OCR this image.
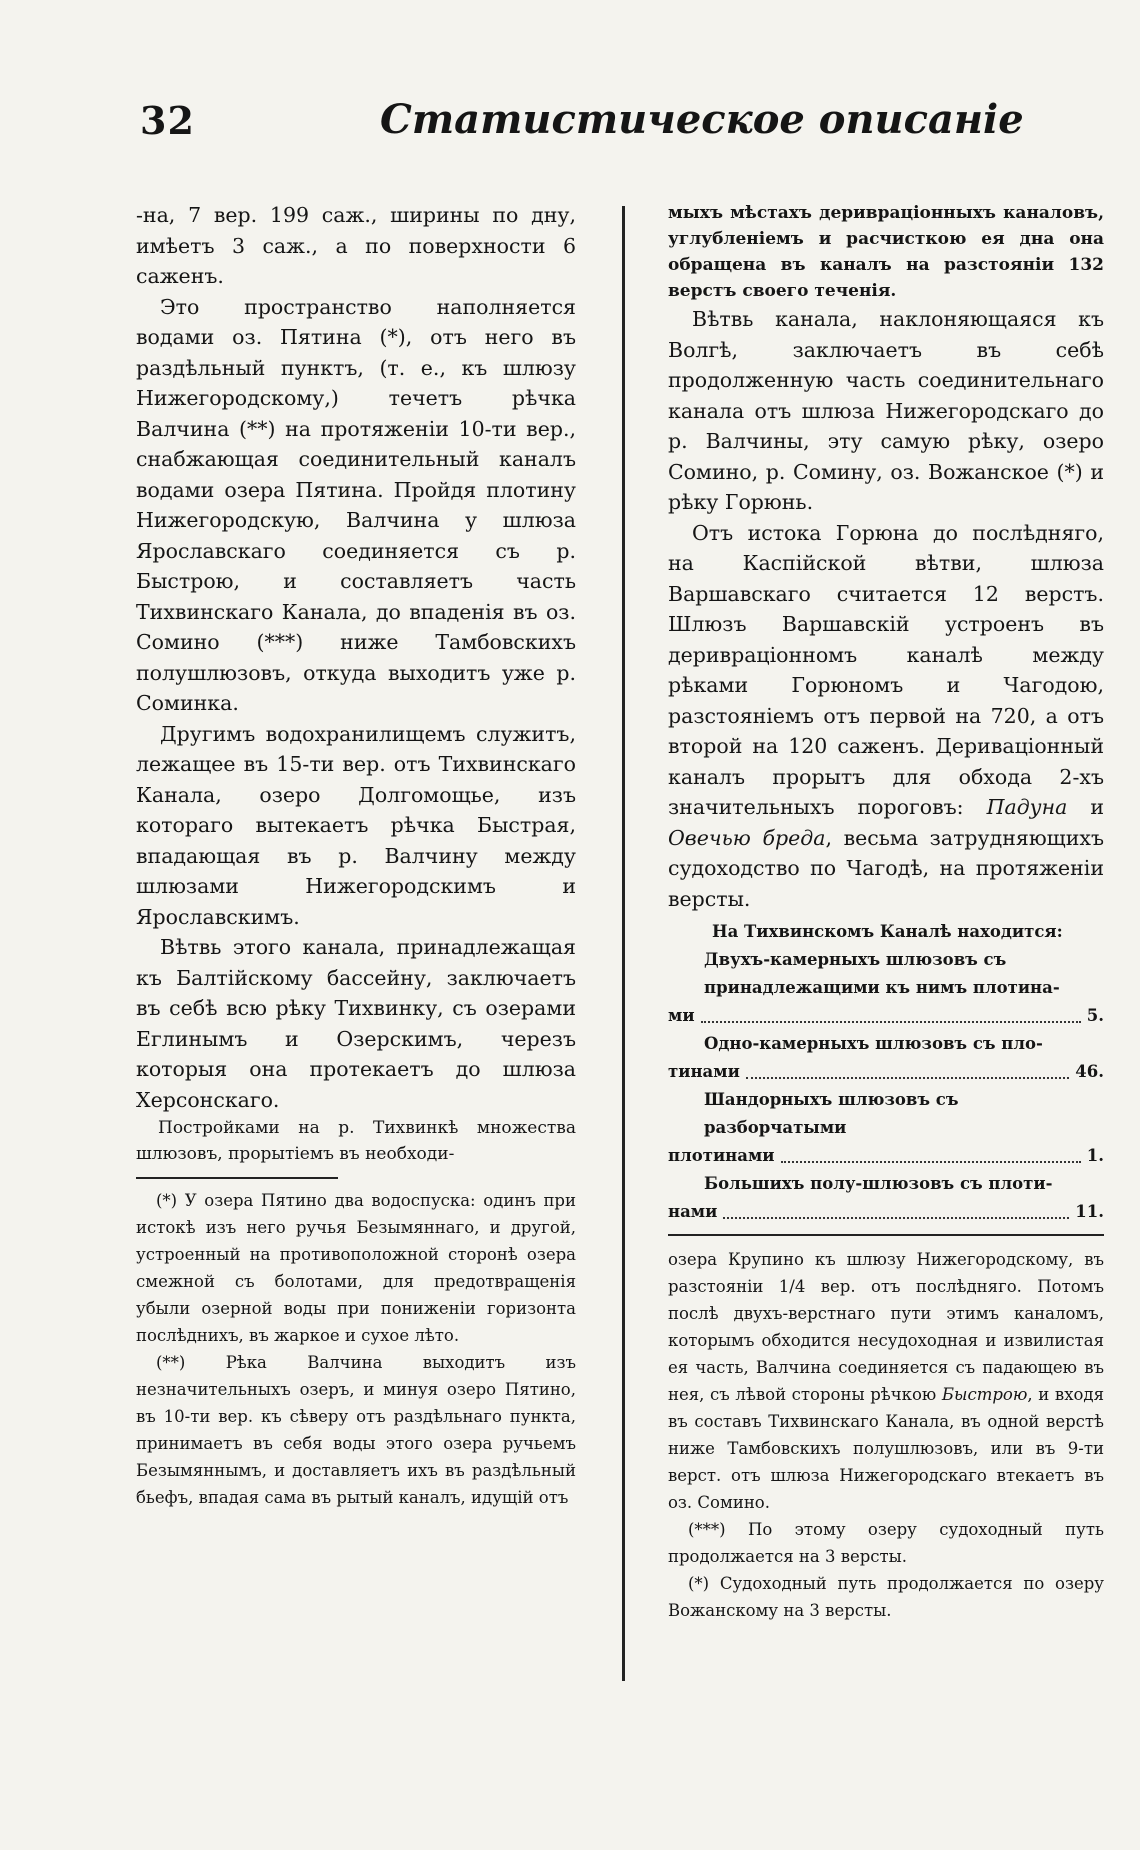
32	Статистическое описаніе

-на, 7 вер. 199 саж., ширины по дну, имѣетъ 3 саж., а по поверхности 6 саженъ.

Это пространство наполняется водами оз. Пятина (*), отъ него въ раздѣльный пунктъ, (т. е., къ шлюзу Нижегородскому,) течетъ рѣчка Валчина (**) на протяженіи 10-ти вер., снабжающая соединительный каналъ водами озера Пятина. Пройдя плотину Нижегородскую, Валчина у шлюза Ярославскаго соединяется съ р. Быстрою, и составляетъ часть Тихвинскаго Канала, до впаденія въ оз. Сомино (***) ниже Тамбовскихъ полушлюзовъ, откуда выходитъ уже р. Соминка.

Другимъ водохранилищемъ служитъ, лежащее въ 15-ти вер. отъ Тихвинскаго Канала, озеро Долгомощье, изъ котораго вытекаетъ рѣчка Быстрая, впадающая въ р. Валчину между шлюзами Нижегородскимъ и Ярославскимъ.

Вѣтвь этого канала, принадлежащая къ Балтійскому бассейну, заключаетъ въ себѣ всю рѣку Тихвинку, съ озерами Еглинымъ и Озерскимъ, черезъ которыя она протекаетъ до шлюза Херсонскаго.

Постройками на р. Тихвинкѣ множества шлюзовъ, прорытіемъ въ необходи-

(*) У озера Пятино два водоспуска: одинъ при истокѣ изъ него ручья Безымяннаго, и другой, устроенный на противоположной сторонѣ озера смежной съ болотами, для предотвращенія убыли озерной воды при пониженіи горизонта послѣднихъ, въ жаркое и сухое лѣто.

(**) Рѣка Валчина выходитъ изъ незначительныхъ озеръ, и минуя озеро Пятино, въ 10-ти вер. къ сѣверу отъ раздѣльнаго пункта, принимаетъ въ себя воды этого озера ручьемъ Безымяннымъ, и доставляетъ ихъ въ раздѣльный бьефъ, впадая сама въ рытый каналъ, идущій отъ

мыхъ мѣстахъ деривраціонныхъ каналовъ, углубленіемъ и расчисткою ея дна она обращена въ каналъ на разстояніи 132 верстъ своего теченія.

Вѣтвь канала, наклоняющаяся къ Волгѣ, заключаетъ въ себѣ продолженную часть соединительнаго канала отъ шлюза Нижегородскаго до р. Валчины, эту самую рѣку, озеро Сомино, р. Сомину, оз. Вожанское (*) и рѣку Горюнь.

Отъ истока Горюна до послѣдняго, на Каспійской вѣтви, шлюза Варшавскаго считается 12 верстъ. Шлюзъ Варшавскій устроенъ въ деривраціонномъ каналѣ между рѣками Горюномъ и Чагодою, разстояніемъ отъ первой на 720, а отъ второй на 120 саженъ. Дериваціонный каналъ прорытъ для обхода 2-хъ значительныхъ пороговъ: Падуна и Овечью бреда, весьма затрудняющихъ судоходство по Чагодѣ, на протяженіи версты.

На Тихвинскомъ Каналѣ находится:
Двухъ-камерныхъ шлюзовъ съ принадлежащими къ нимъ плотина-
ми	5.
Одно-камерныхъ шлюзовъ съ пло-
тинами	46.
Шандорныхъ шлюзовъ съ разборчатыми
плотинами	1.
Большихъ полу-шлюзовъ съ плоти-
нами	11.

озера Крупино къ шлюзу Нижегородскому, въ разстояніи 1/4 вер. отъ послѣдняго. Потомъ послѣ двухъ-верстнаго пути этимъ каналомъ, которымъ обходится несудоходная и извилистая ея часть, Валчина соединяется съ падающею въ нея, съ лѣвой стороны рѣчкою Быстрою, и входя въ составъ Тихвинскаго Канала, въ одной верстѣ ниже Тамбовскихъ полушлюзовъ, или въ 9-ти верст. отъ шлюза Нижегородскаго втекаетъ въ оз. Сомино.

(***) По этому озеру судоходный путь продолжается на 3 версты.

(*) Судоходный путь продолжается по озеру Вожанскому на 3 версты.
